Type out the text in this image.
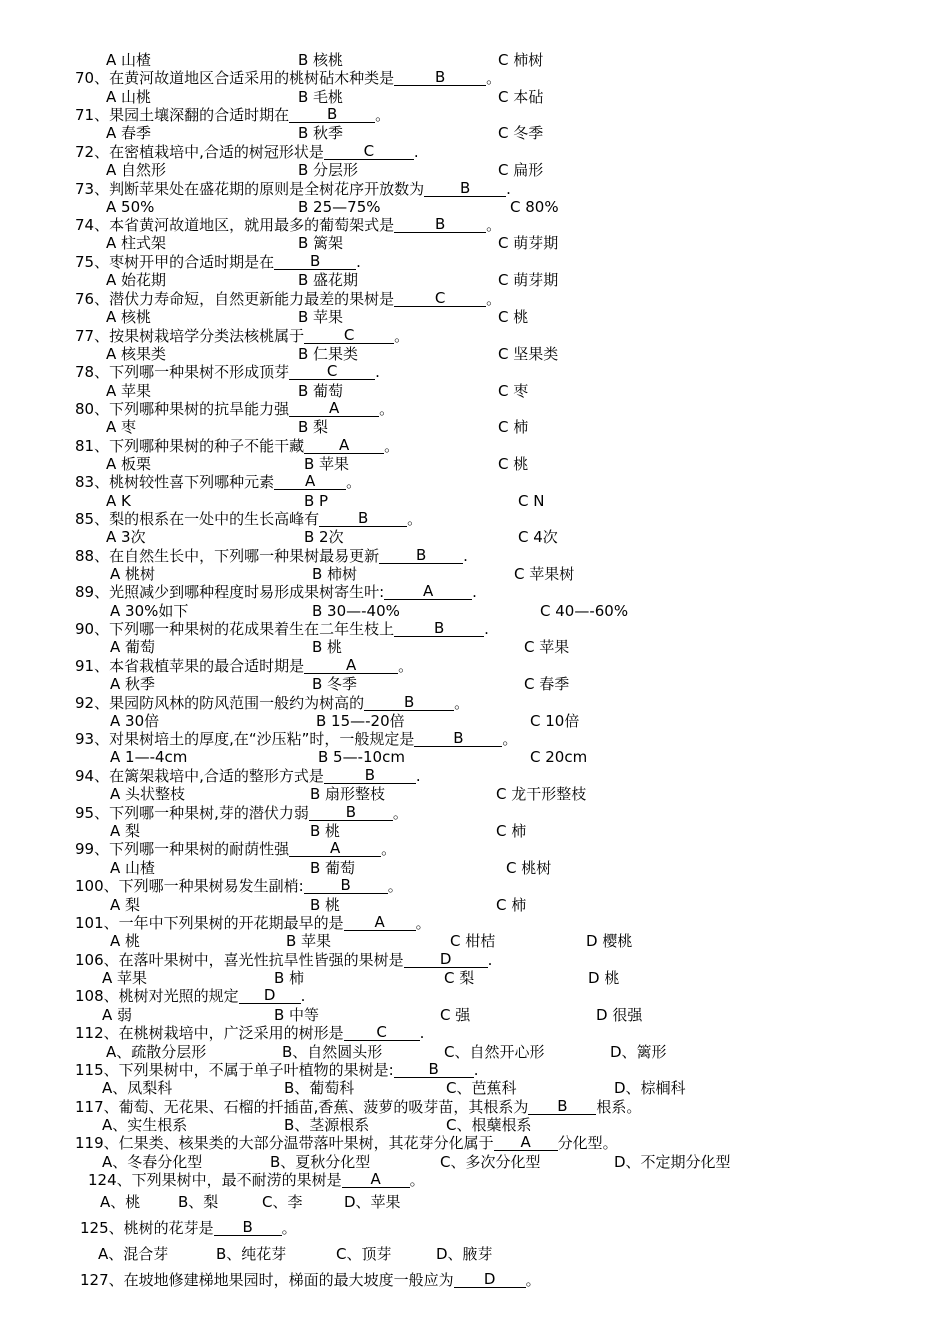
A 山楂	B 核桃	C 柿树
70、在黄河故道地区合适采用的桃树砧木种类是	B	。
A 山桃	B 毛桃	C 本砧
71、果园土壤深翻的合适时期在	B	。
A 春季	B 秋季	C 冬季
72、在密植栽培中,合适的树冠形状是	C	.
A 自然形	B 分层形	C 扁形
73、判断苹果处在盛花期的原则是全树花序开放数为 B .
A 50%	B 25—75%	C 80%
74、本省黄河故道地区，就用最多的葡萄架式是	B	。
A 柱式架	B 篱架	C 萌芽期
75、枣树开甲的合适时期是在 B .
A 始花期	B 盛花期	C 萌芽期
76、潜伏力寿命短，自然更新能力最差的果树是	C	。
A 核桃	B 苹果	C 桃
77、按果树栽培学分类法核桃属于	C	。
A 核果类	B 仁果类	C 坚果类
78、下列哪一种果树不形成顶芽	C	.
A 苹果	B 葡萄	C 枣
80、下列哪种果树的抗旱能力强	A	。
A 枣	B 梨	C 柿
81、下列哪种果树的种子不能干藏 A 。
A 板栗	B 苹果	C 桃
83、桃树较性喜下列哪种元素 A 。
A K	B P	C N
85、梨的根系在一处中的生长高峰有	B	。
A 3次	B 2次	C 4次
88、在自然生长中，下列哪一种果树最易更新 B .
A 桃树	B 柿树	C 苹果树
89、光照减少到哪种程度时易形成果树寄生叶:	A	.
A 30%如下	B 30—-40%	C 40—-60%
90、下列哪一种果树的花成果着生在二年生枝上	B	.
A 葡萄	B 桃	C 苹果
91、本省栽植苹果的最合适时期是	A	。
A 秋季	B 冬季	C 春季
92、果园防风林的防风范围一般约为树高的	B	。
A 30倍	B 15—-20倍	C 10倍
93、对果树培土的厚度,在“沙压粘”时，一般规定是	B	。
A 1—-4cm	B 5—-10cm	C 20cm
94、在篱架栽培中,合适的整形方式是	B	.
A 头状整枝	B 扇形整枝	C 龙干形整枝
95、下列哪一种果树,芽的潜伏力弱 B 。
A 梨	B 桃	C 柿
99、下列哪一种果树的耐荫性强	A	。
A 山楂	B 葡萄	C 桃树
100、下列哪一种果树易发生副梢: B 。
A 梨	B 桃	C 柿
101、一年中下列果树的开花期最早的是 A 。
A 桃	B 苹果	C 柑桔	D 樱桃
106、在落叶果树中，喜光性抗旱性皆强的果树是 D .
A 苹果	B 柿	C 梨	D 桃
108、桃树对光照的规定 D .
A 弱	B 中等	C 强	D 很强
112、在桃树栽培中，广泛采用的树形是 C .
A、疏散分层形	B、自然圆头形	C、自然开心形	D、篱形
115、下列果树中，不属于单子叶植物的果树是: B .
A、凤梨科	B、葡萄科	C、芭蕉科	D、棕榈科
117、葡萄、无花果、石榴的扦插苗,香蕉、菠萝的吸芽苗，其根系为 B 根系。
A、实生根系	B、茎源根系	C、根蘖根系
119、仁果类、核果类的大部分温带落叶果树，其花芽分化属于 A 分化型。
A、冬春分化型	B、夏秋分化型	C、多次分化型	D、不定期分化型
124、下列果树中，最不耐涝的果树是 A 。
A、桃	B、梨	C、李	D、苹果
125、桃树的花芽是 B 。
A、混合芽	B、纯花芽	C、顶芽	D、腋芽
127、在坡地修建梯地果园时，梯面的最大坡度一般应为 D 。
